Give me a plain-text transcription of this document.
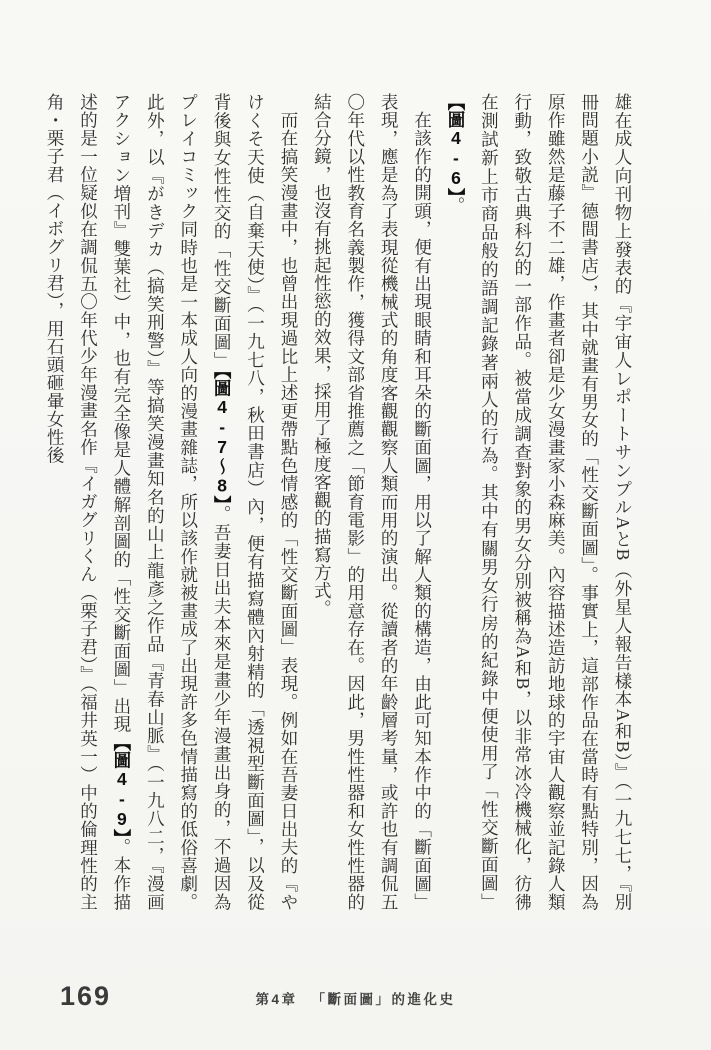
雄在成人向刊物上發表的『宇宙人レポートサンプルAとB（外星人報告樣本A和B）』（一九七七，『別冊問題小説』德間書店），其中就畫有男女的「性交斷面圖」。事實上，這部作品在當時有點特別，因為原作雖然是藤子不二雄，作畫者卻是少女漫畫家小森麻美。內容描述造訪地球的宇宙人觀察並記錄人類行動，致敬古典科幻的一部作品。被當成調查對象的男女分別被稱為A和B，以非常冰冷機械化，彷彿在測試新上市商品般的語調記錄著兩人的行為。其中有關男女行房的紀錄中便使用了「性交斷面圖」【圖4-6】。

在該作的開頭，便有出現眼睛和耳朵的斷面圖，用以了解人類的構造，由此可知本作中的「斷面圖」表現，應是為了表現從機械式的角度客觀觀察人類而用的演出。從讀者的年齡層考量，或許也有調侃五〇年代以性教育名義製作，獲得文部省推薦之「節育電影」的用意存在。因此，男性性器和女性性器的結合分鏡，也沒有挑起性慾的效果，採用了極度客觀的描寫方式。

而在搞笑漫畫中，也曾出現過比上述更帶點色情感的「性交斷面圖」表現。例如在吾妻日出夫的『やけくそ天使（自棄天使）』（一九七八，秋田書店）內，便有描寫體內射精的「透視型斷面圖」，以及從背後與女性性交的「性交斷面圖」【圖4-7～8】。吾妻日出夫本來是畫少年漫畫出身的，不過因為プレイコミック同時也是一本成人向的漫畫雜誌，所以該作就被畫成了出現許多色情描寫的低俗喜劇。此外，以『がきデカ（搞笑刑警）』等搞笑漫畫知名的山上龍彥之作品『青春山脈』（一九八二，『漫画アクション増刊』雙葉社）中，也有完全像是人體解剖圖的「性交斷面圖」出現【圖4-9】。本作描述的是一位疑似在調侃五〇年代少年漫畫名作『イガグリくん（栗子君）』（福井英一）中的倫理性的主角・栗子君（イボグリ君），用石頭砸暈女性後

169	第4章 「斷面圖」的進化史
